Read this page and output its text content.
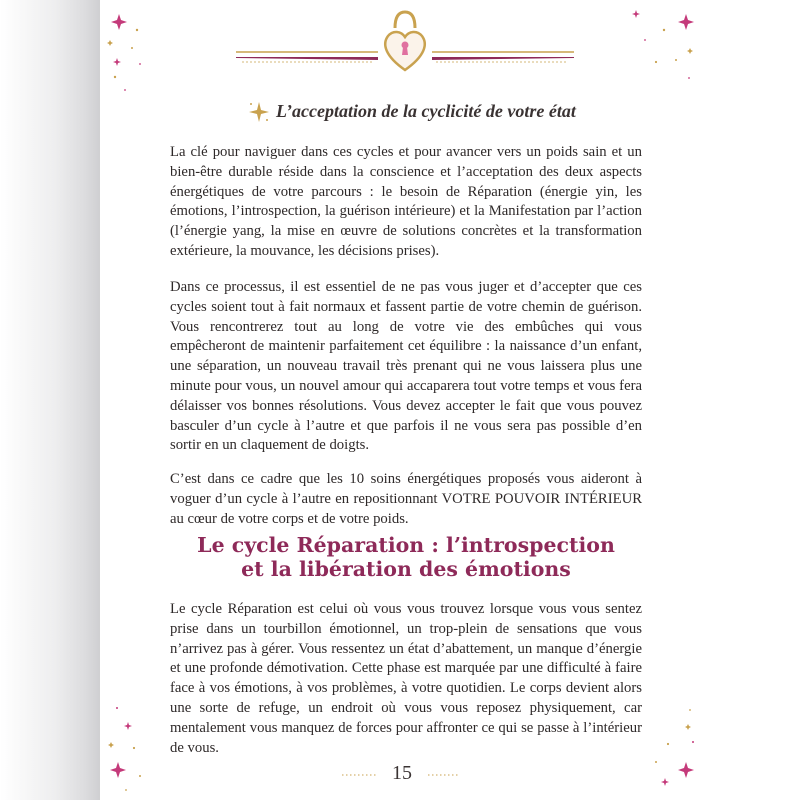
L’acceptation de la cyclicité de votre état

La clé pour naviguer dans ces cycles et pour avancer vers un poids sain et un bien-être durable réside dans la conscience et l’acceptation des deux aspects énergétiques de votre parcours : le besoin de Réparation (énergie yin, les émotions, l’introspection, la guérison intérieure) et la Manifestation par l’action (l’énergie yang, la mise en œuvre de solutions concrètes et la transformation extérieure, la mouvance, les décisions prises).

Dans ce processus, il est essentiel de ne pas vous juger et d’accepter que ces cycles soient tout à fait normaux et fassent partie de votre chemin de guérison. Vous rencontrerez tout au long de votre vie des embûches qui vous empêcheront de maintenir parfaitement cet équilibre : la naissance d’un enfant, une séparation, un nouveau travail très prenant qui ne vous laissera plus une minute pour vous, un nouvel amour qui accaparera tout votre temps et vous fera délaisser vos bonnes résolutions. Vous devez accepter le fait que vous pouvez basculer d’un cycle à l’autre et que parfois il ne vous sera pas possible d’en sortir en un claquement de doigts.

C’est dans ce cadre que les 10 soins énergétiques proposés vous aideront à voguer d’un cycle à l’autre en repositionnant VOTRE POUVOIR INTÉRIEUR au cœur de votre corps et de votre poids.

Le cycle Réparation : l’introspection
et la libération des émotions

Le cycle Réparation est celui où vous vous trouvez lorsque vous vous sentez prise dans un tourbillon émotionnel, un trop-plein de sensations que vous n’arrivez pas à gérer. Vous ressentez un état d’abattement, un manque d’énergie et une profonde démotivation. Cette phase est marquée par une difficulté à faire face à vos émotions, à vos problèmes, à votre quotidien. Le corps devient alors une sorte de refuge, un endroit où vous vous reposez physiquement, car mentalement vous manquez de forces pour affronter ce qui se passe à l’intérieur de vous.

15
